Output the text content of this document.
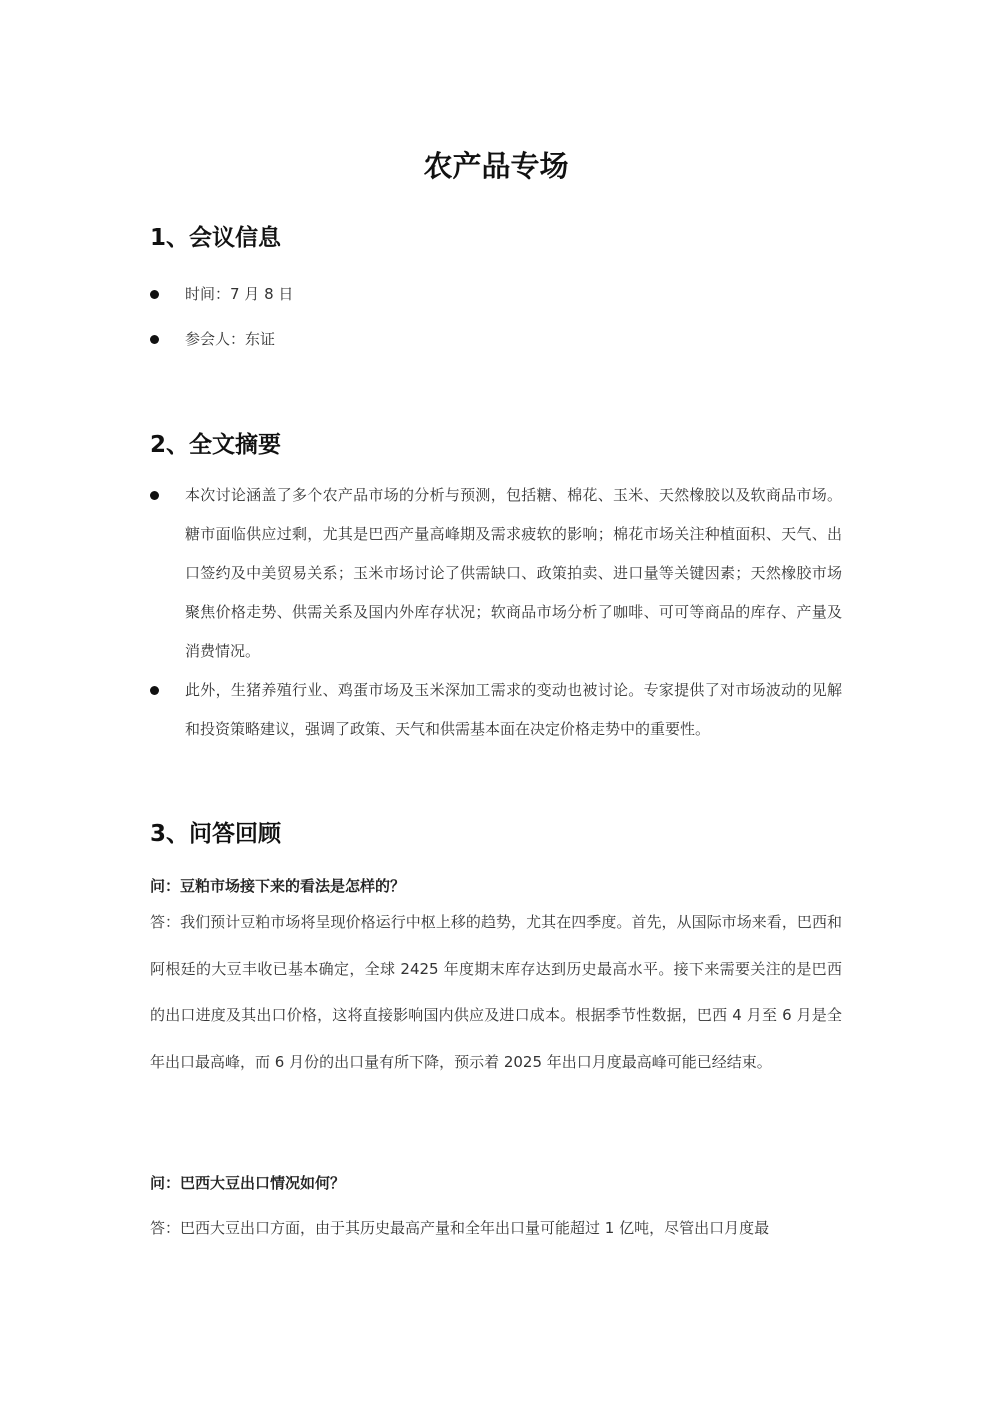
农产品专场
1、会议信息
时间：7 月 8 日
参会人：东证
2、全文摘要
本次讨论涵盖了多个农产品市场的分析与预测，包括糖、棉花、玉米、天然橡胶以及软商品市场。糖市面临供应过剩，尤其是巴西产量高峰期及需求疲软的影响；棉花市场关注种植面积、天气、出口签约及中美贸易关系；玉米市场讨论了供需缺口、政策拍卖、进口量等关键因素；天然橡胶市场聚焦价格走势、供需关系及国内外库存状况；软商品市场分析了咖啡、可可等商品的库存、产量及消费情况。
此外，生猪养殖行业、鸡蛋市场及玉米深加工需求的变动也被讨论。专家提供了对市场波动的见解和投资策略建议，强调了政策、天气和供需基本面在决定价格走势中的重要性。
3、问答回顾
问：豆粕市场接下来的看法是怎样的？
答：我们预计豆粕市场将呈现价格运行中枢上移的趋势，尤其在四季度。首先，从国际市场来看，巴西和阿根廷的大豆丰收已基本确定，全球 2425 年度期末库存达到历史最高水平。接下来需要关注的是巴西的出口进度及其出口价格，这将直接影响国内供应及进口成本。根据季节性数据，巴西 4 月至 6 月是全年出口最高峰，而 6 月份的出口量有所下降，预示着 2025 年出口月度最高峰可能已经结束。
问：巴西大豆出口情况如何？
答：巴西大豆出口方面，由于其历史最高产量和全年出口量可能超过 1 亿吨，尽管出口月度最
